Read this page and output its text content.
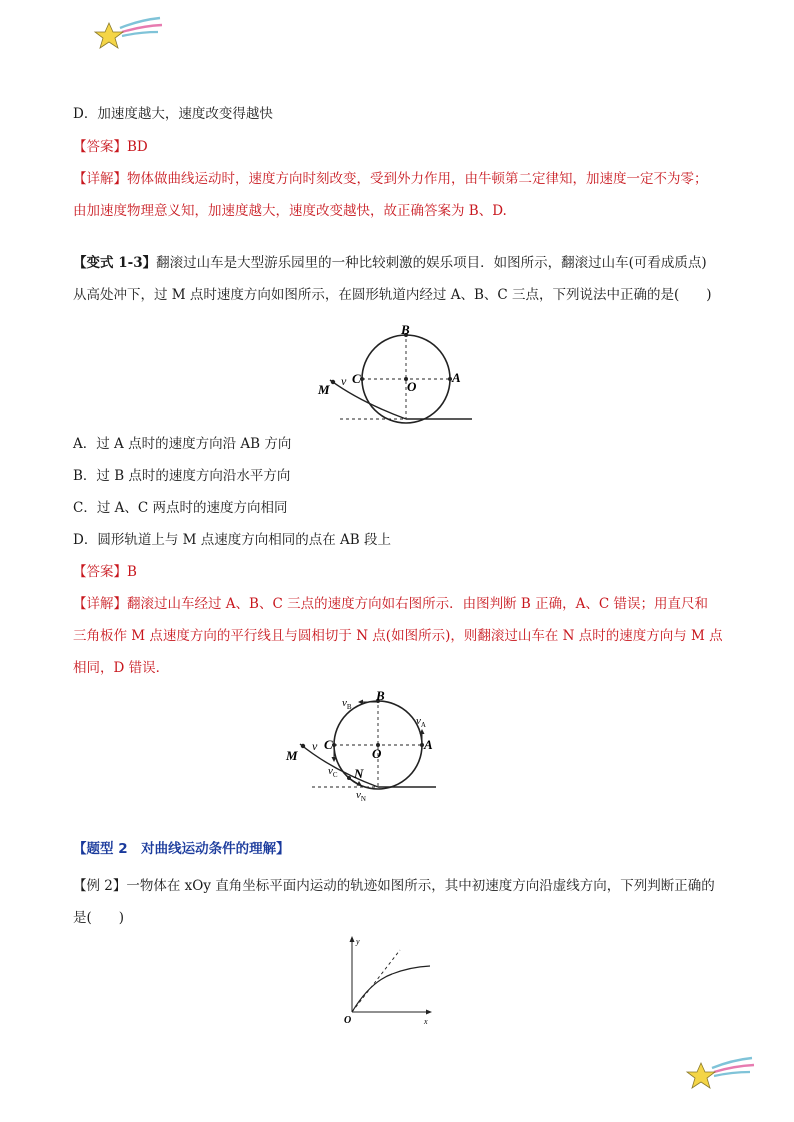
D．加速度越大，速度改变得越快
【答案】BD
【详解】物体做曲线运动时，速度方向时刻改变，受到外力作用，由牛顿第二定律知，加速度一定不为零；
由加速度物理意义知，加速度越大，速度改变越快，故正确答案为 B、D.
【变式 1-3】翻滚过山车是大型游乐园里的一种比较刺激的娱乐项目．如图所示，翻滚过山车(可看成质点)
从高处冲下，过 M 点时速度方向如图所示，在圆形轨道内经过 A、B、C 三点，下列说法中正确的是(　　)
B
A
C
O
M
v
A．过 A 点时的速度方向沿 AB 方向
B．过 B 点时的速度方向沿水平方向
C．过 A、C 两点时的速度方向相同
D．圆形轨道上与 M 点速度方向相同的点在 AB 段上
【答案】B
【详解】翻滚过山车经过 A、B、C 三点的速度方向如右图所示．由图判断 B 正确，A、C 错误；用直尺和
三角板作 M 点速度方向的平行线且与圆相切于 N 点(如图所示)，则翻滚过山车在 N 点时的速度方向与 M 点
相同，D 错误．
B
A
C
O
M
v
N
$v_B$
$v_A$
$v_C$
$v_N$
【题型 2　对曲线运动条件的理解】
【例 2】一物体在 xOy 直角坐标平面内运动的轨迹如图所示，其中初速度方向沿虚线方向，下列判断正确的
是(　　)
y
x
O
